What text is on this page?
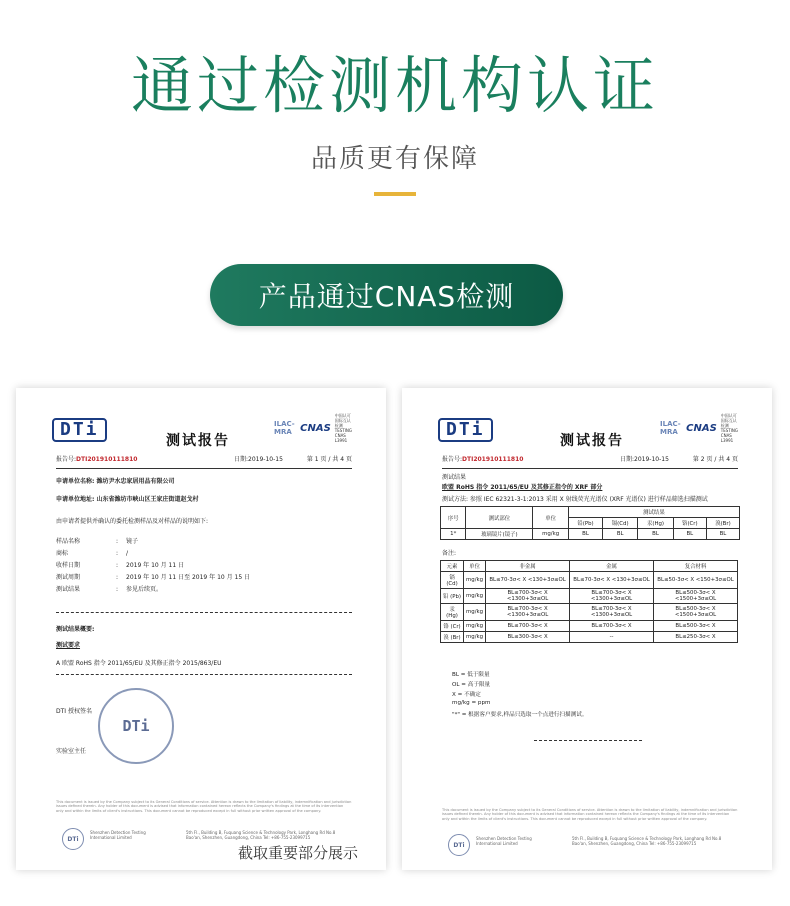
通过检测机构认证
品质更有保障
产品通过CNAS检测
DTi
测试报告
ILAC-MRA CNAS
中国认可 国际互认 检测 TESTING CNAS L3991
报告号:DTI201910111810	日期:2019-10-15	第 1 页 / 共 4 页
申请单位名称: 潍坊尹水忠家居用品有限公司
申请单位地址: 山东省潍坊市峡山区王家庄街道赵戈村
由申请者提供并确认的委托检测样品及对样品的说明如下:
样品名称	: 镜子
商标	: /
收样日期	: 2019 年 10 月 11 日
测试周期	: 2019 年 10 月 11 日至 2019 年 10 月 15 日
测试结果	: 参见后续页。
测试结果概要:
测试要求
A 欧盟 RoHS 指令 2011/65/EU 及其修正指令 2015/863/EU
DTI 授权签名
DTi
实验室主任
This document is issued by the Company subject to its General Conditions of service. Attention is drawn to the limitation of liability, indemnification and jurisdiction issues defined therein. Any holder of this document is advised that information contained hereon reflects the Company's findings at the time of its intervention only and within the limits of client's instructions. This document cannot be reproduced except in full without prior written approval of the company.
DTi
Shenzhen Detection Testing International Limited
5th Fl., Building B, Fuquang Science & Technology Park, Longhang Rd No.8 Bao'an, Shenzhen, Guangdong, China Tel: +86-755-23099715
DTi
测试报告
ILAC-MRA CNAS
中国认可 国际互认 检测 TESTING CNAS L3991
报告号:DTI201910111810	日期:2019-10-15	第 2 页 / 共 4 页
测试结果
欧盟 RoHS 指令 2011/65/EU 及其修正指令的 XRF 部分
测试方法: 参照 IEC 62321-3-1:2013 采用 X 射线荧光光谱仪 (XRF 光谱仪) 进行样品筛选扫描测试
序号	测试部位	单位	测试结果				
			铅(Pb)	镉(Cd)	汞(Hg)	铬(Cr)	溴(Br)
1*	玻璃镜片(镜子)	mg/kg	BL	BL	BL	BL	BL
备注:
元素	单位	非金属	金属	复合材料
镉 (Cd)	mg/kg	BL≤70-3σ< X <130+3σ≤OL	BL≤70-3σ< X <130+3σ≤OL	BL≤50-3σ< X <150+3σ≤OL
铅 (Pb)	mg/kg	BL≤700-3σ< X <1300+3σ≤OL	BL≤700-3σ< X <1300+3σ≤OL	BL≤500-3σ< X <1500+3σ≤OL
汞 (Hg)	mg/kg	BL≤700-3σ< X <1300+3σ≤OL	BL≤700-3σ< X <1300+3σ≤OL	BL≤500-3σ< X <1500+3σ≤OL
铬 (Cr)	mg/kg	BL≤700-3σ< X	BL≤700-3σ< X	BL≤500-3σ< X
溴 (Br)	mg/kg	BL≤300-3σ< X	--	BL≤250-3σ< X
BL = 低于限量
OL = 高于限量
X = 不确定
mg/kg = ppm
"*" = 根据客户要求,样品只选取一个点进行扫描测试。
This document is issued by the Company subject to its General Conditions of service. Attention is drawn to the limitation of liability, indemnification and jurisdiction issues defined therein. Any holder of this document is advised that information contained hereon reflects the Company's findings at the time of its intervention only and within the limits of client's instructions. This document cannot be reproduced except in full without prior written approval of the company.
DTi
Shenzhen Detection Testing International Limited
5th Fl., Building B, Fuquang Science & Technology Park, Longhang Rd No.8 Bao'an, Shenzhen, Guangdong, China Tel: +86-755-23099715
截取重要部分展示
